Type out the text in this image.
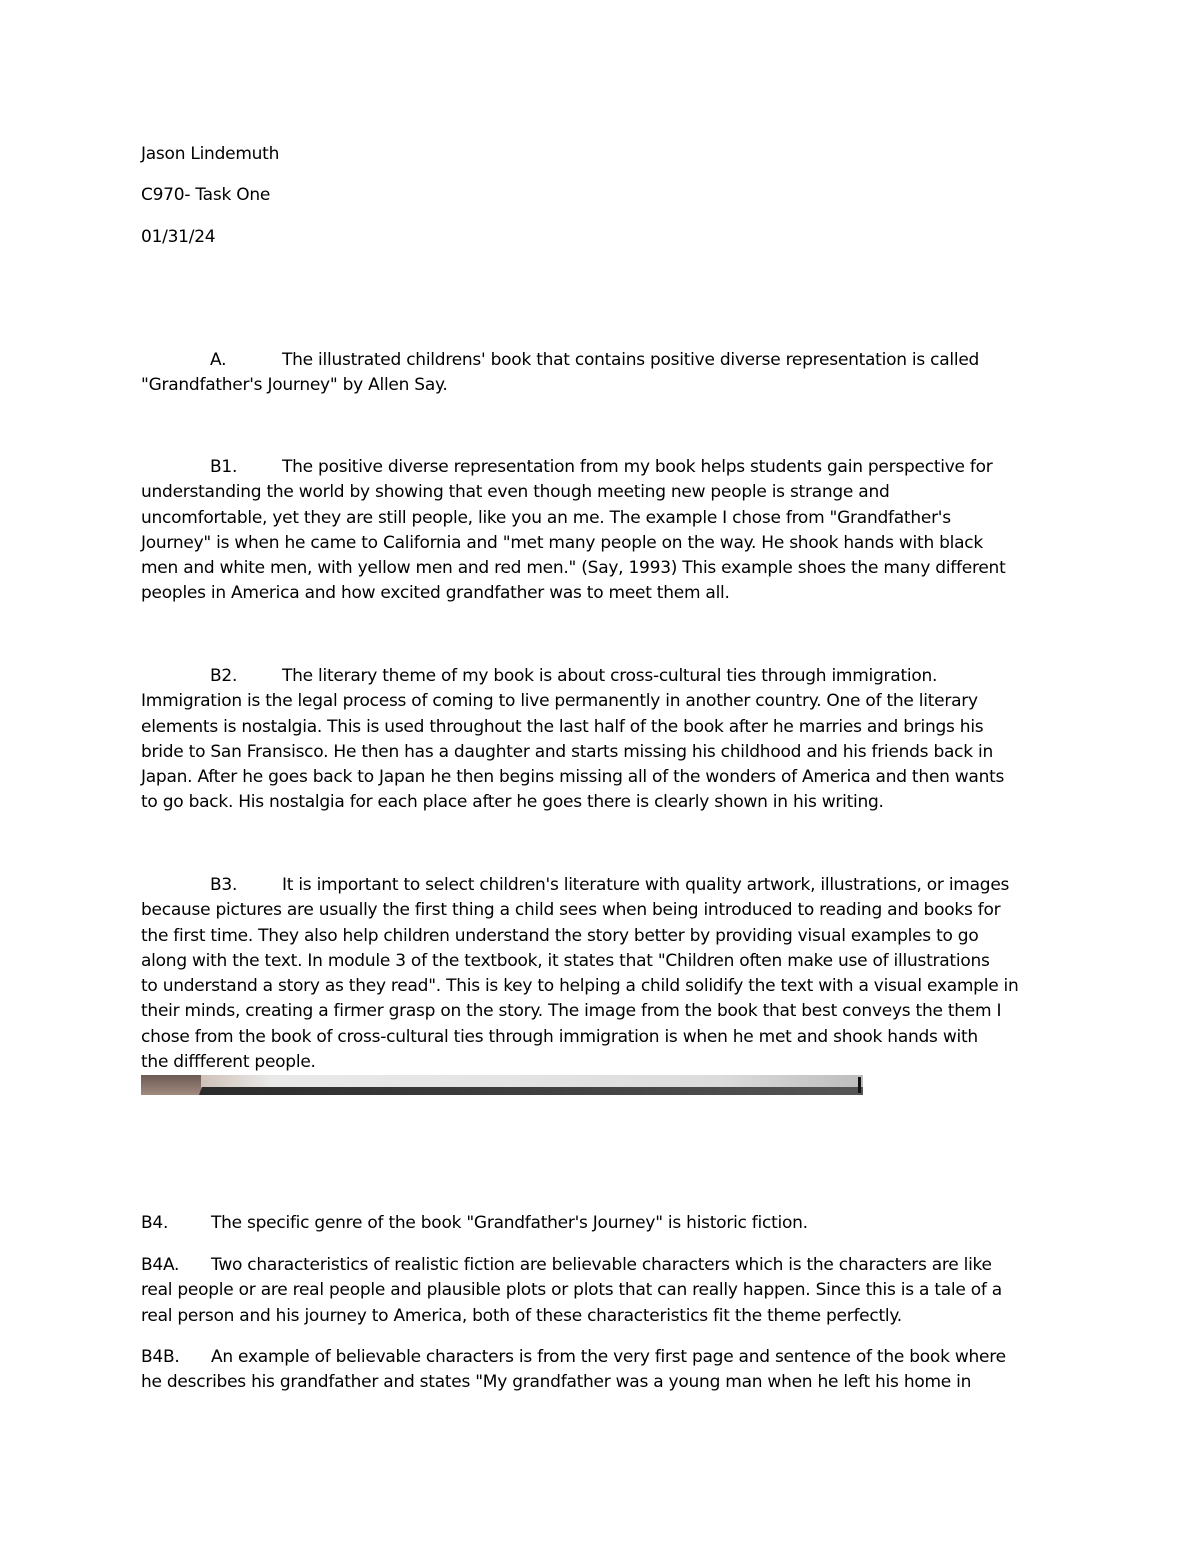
Jason Lindemuth
C970- Task One
01/31/24
A.	The illustrated childrens' book that contains positive diverse representation is called
"Grandfather's Journey" by Allen Say.
B1.	The positive diverse representation from my book helps students gain perspective for
understanding the world by showing that even though meeting new people is strange and
uncomfortable, yet they are still people, like you an me. The example I chose from "Grandfather's
Journey" is when he came to California and "met many people on the way. He shook hands with black
men and white men, with yellow men and red men." (Say, 1993) This example shoes the many different
peoples in America and how excited grandfather was to meet them all.
B2.	The literary theme of my book is about cross-cultural ties through immigration.
Immigration is the legal process of coming to live permanently in another country. One of the literary
elements is nostalgia. This is used throughout the last half of the book after he marries and brings his
bride to San Fransisco. He then has a daughter and starts missing his childhood and his friends back in
Japan. After he goes back to Japan he then begins missing all of the wonders of America and then wants
to go back. His nostalgia for each place after he goes there is clearly shown in his writing.
B3.	It is important to select children's literature with quality artwork, illustrations, or images
because pictures are usually the first thing a child sees when being introduced to reading and books for
the first time. They also help children understand the story better by providing visual examples to go
along with the text. In module 3 of the textbook, it states that "Children often make use of illustrations
to understand a story as they read". This is key to helping a child solidify the text with a visual example in
their minds, creating a firmer grasp on the story. The image from the book that best conveys the them I
chose from the book of cross-cultural ties through immigration is when he met and shook hands with
the diffferent people.
B4.	The specific genre of the book "Grandfather's Journey" is historic fiction.
B4A. Two characteristics of realistic fiction are believable characters which is the characters are like
real people or are real people and plausible plots or plots that can really happen. Since this is a tale of a
real person and his journey to America, both of these characteristics fit the theme perfectly.
B4B. An example of believable characters is from the very first page and sentence of the book where
he describes his grandfather and states "My grandfather was a young man when he left his home in
